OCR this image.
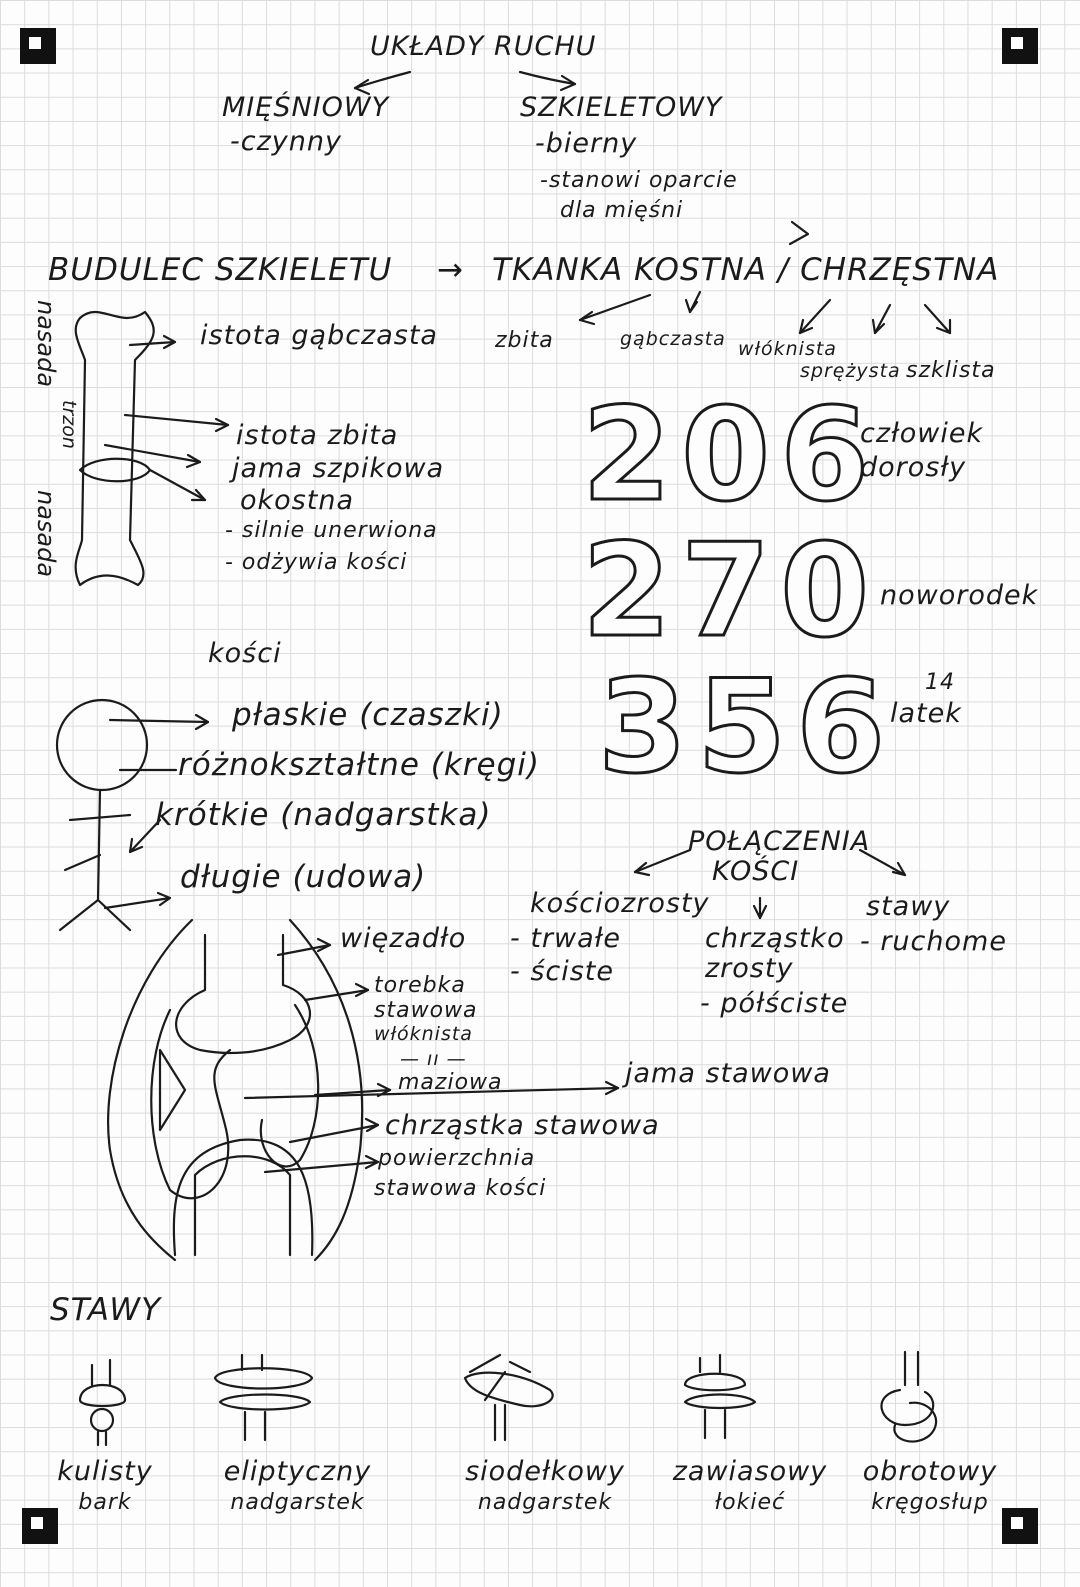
UKŁADY RUCHU
MIĘŚNIOWY
-czynny
SZKIELETOWY
-bierny
-stanowi oparcie
dla mięśni
BUDULEC SZKIELETU → TKANKA KOSTNA / CHRZĘSTNA
zbita	gąbczasta włóknista
sprężysta szklista
nasada
trzon
nasada
istota gąbczasta
istota zbita
jama szpikowa
okostna
- silnie unerwiona
- odżywia kości
206
człowiek
dorosły
270 noworodek
356 14
latek
kości
płaskie (czaszki)
różnokształtne (kręgi)
krótkie (nadgarstka)
długie (udowa)
POŁĄCZENIA
KOŚCI
kościozrosty
- trwałe
- ściste
chrząstko
zrosty
- półściste
stawy
- ruchome
więzadło
torebka
stawowa
włóknista
— ıı —
maziowa	jama stawowa
chrząstka stawowa
powierzchnia
stawowa kości
STAWY
kulisty
bark
eliptyczny
nadgarstek
siodełkowy
nadgarstek
zawiasowy
łokieć
obrotowy
kręgosłup
